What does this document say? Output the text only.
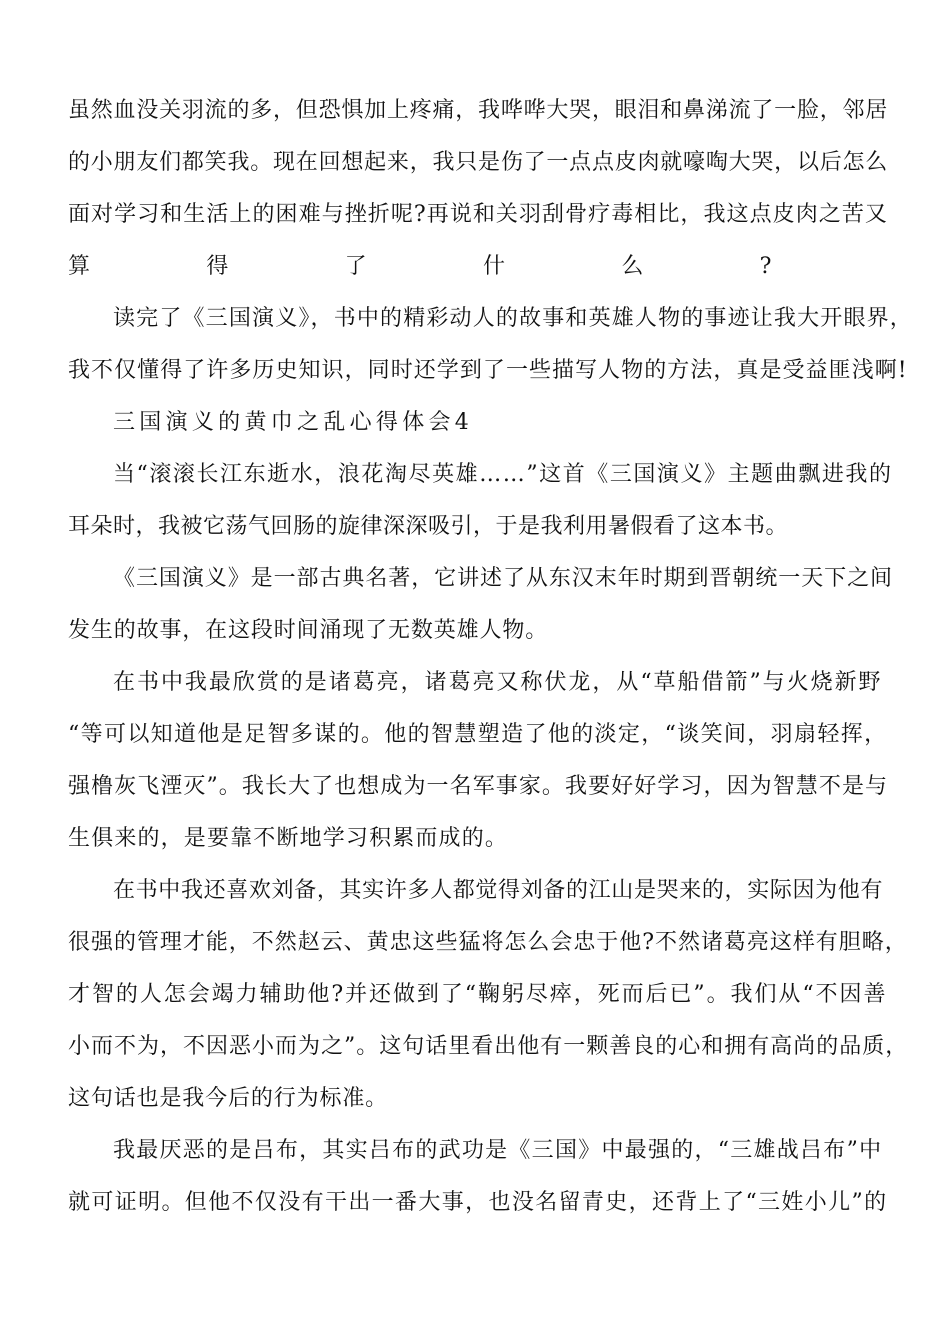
虽然血没关羽流的多，但恐惧加上疼痛，我哗哗大哭，眼泪和鼻涕流了一脸，邻居
的小朋友们都笑我。现在回想起来，我只是伤了一点点皮肉就嚎啕大哭，以后怎么
面对学习和生活上的困难与挫折呢?再说和关羽刮骨疗毒相比，我这点皮肉之苦又
算得了什么?
读完了《三国演义》，书中的精彩动人的故事和英雄人物的事迹让我大开眼界，
我不仅懂得了许多历史知识，同时还学到了一些描写人物的方法，真是受益匪浅啊!
三国演义的黄巾之乱心得体会4
当“滚滚长江东逝水，浪花淘尽英雄……”这首《三国演义》主题曲飘进我的
耳朵时，我被它荡气回肠的旋律深深吸引，于是我利用暑假看了这本书。
《三国演义》是一部古典名著，它讲述了从东汉末年时期到晋朝统一天下之间
发生的故事，在这段时间涌现了无数英雄人物。
在书中我最欣赏的是诸葛亮，诸葛亮又称伏龙，从“草船借箭”与火烧新野
“等可以知道他是足智多谋的。他的智慧塑造了他的淡定，“谈笑间，羽扇轻挥，
强橹灰飞湮灭”。我长大了也想成为一名军事家。我要好好学习，因为智慧不是与
生俱来的，是要靠不断地学习积累而成的。
在书中我还喜欢刘备，其实许多人都觉得刘备的江山是哭来的，实际因为他有
很强的管理才能，不然赵云、黄忠这些猛将怎么会忠于他?不然诸葛亮这样有胆略，
才智的人怎会竭力辅助他?并还做到了“鞠躬尽瘁，死而后已”。我们从“不因善
小而不为，不因恶小而为之”。这句话里看出他有一颗善良的心和拥有高尚的品质，
这句话也是我今后的行为标准。
我最厌恶的是吕布，其实吕布的武功是《三国》中最强的，“三雄战吕布”中
就可证明。但他不仅没有干出一番大事，也没名留青史，还背上了“三姓小儿”的
